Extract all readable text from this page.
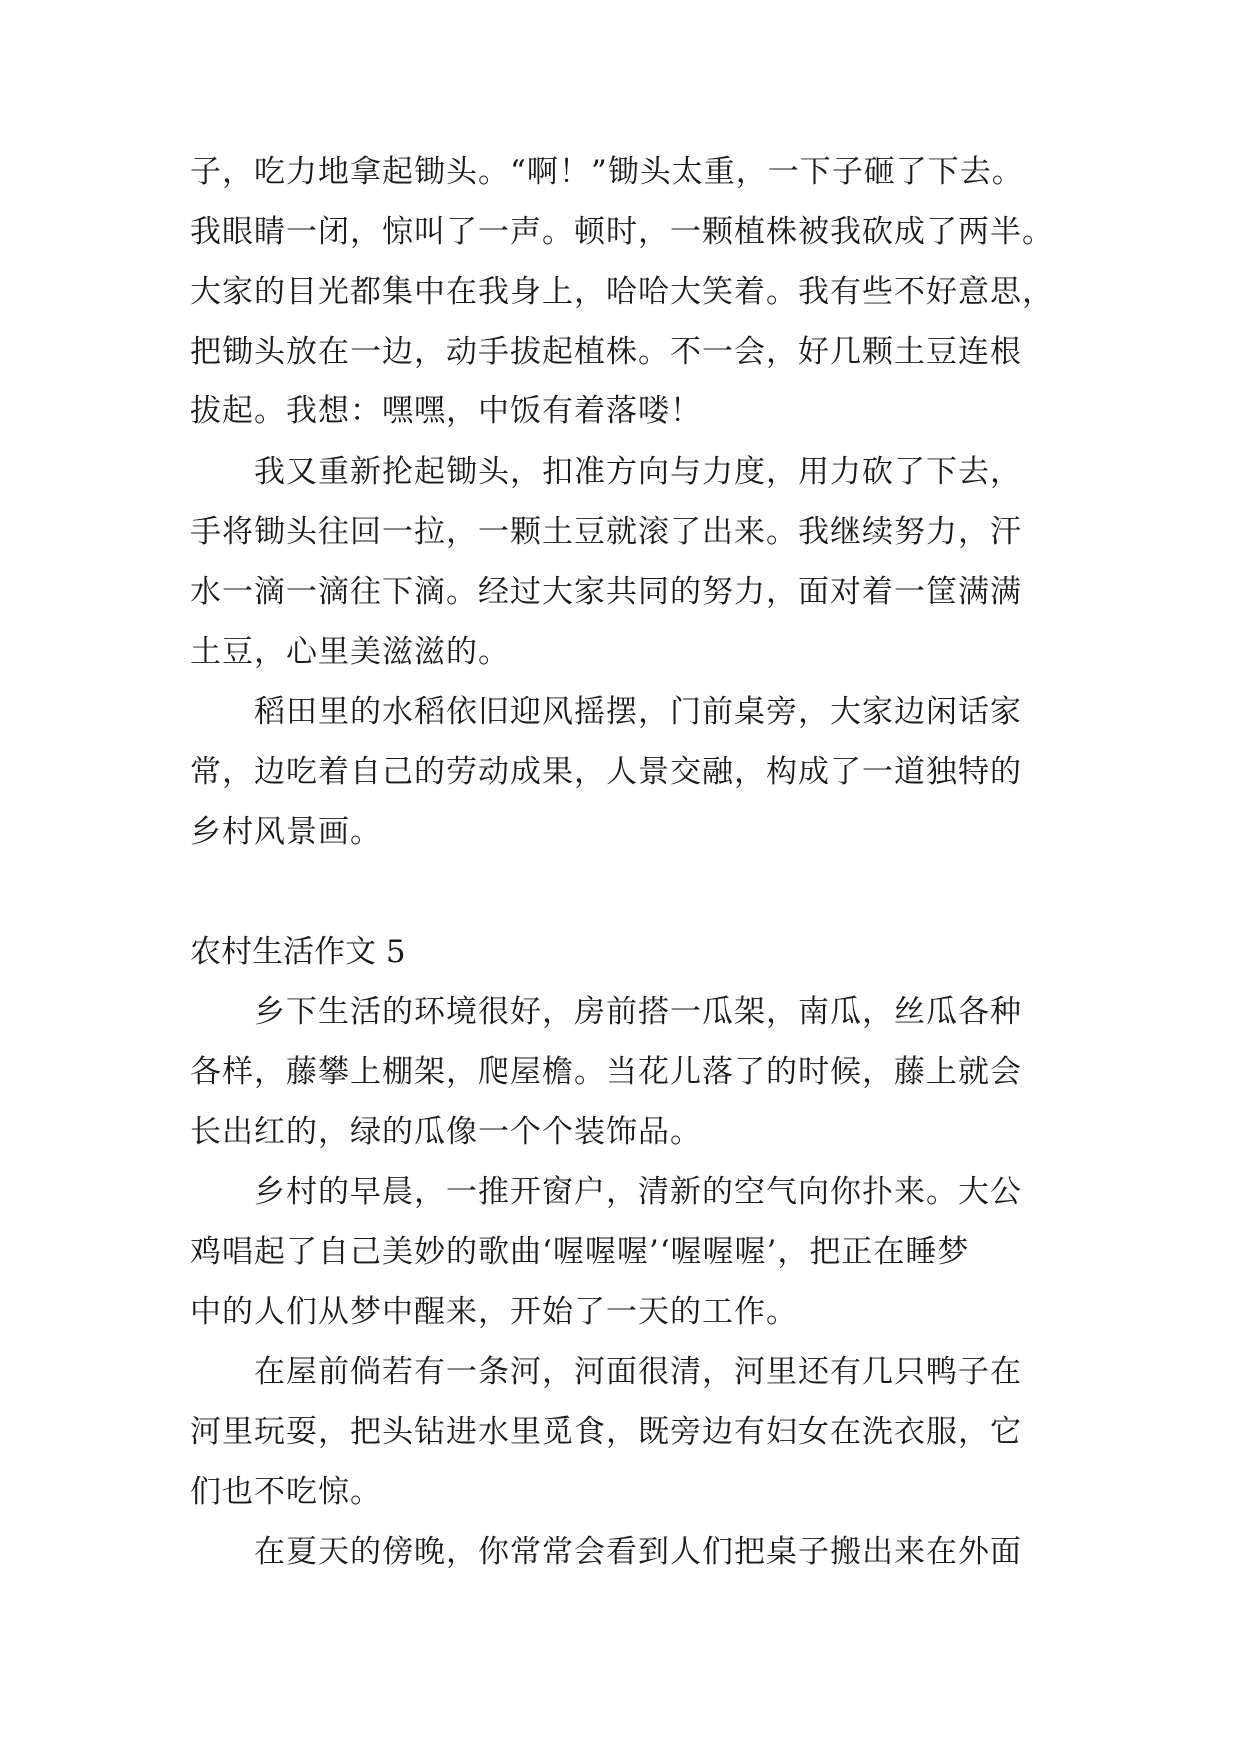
子，吃力地拿起锄头。“啊！”锄头太重，一下子砸了下去。
我眼睛一闭，惊叫了一声。顿时，一颗植株被我砍成了两半。
大家的目光都集中在我身上，哈哈大笑着。我有些不好意思，
把锄头放在一边，动手拔起植株。不一会，好几颗土豆连根
拔起。我想：嘿嘿，中饭有着落喽！
我又重新抡起锄头，扣准方向与力度，用力砍了下去，
手将锄头往回一拉，一颗土豆就滚了出来。我继续努力，汗
水一滴一滴往下滴。经过大家共同的努力，面对着一筐满满
土豆，心里美滋滋的。
稻田里的水稻依旧迎风摇摆，门前桌旁，大家边闲话家
常，边吃着自己的劳动成果，人景交融，构成了一道独特的
乡村风景画。
农村生活作文 5
乡下生活的环境很好，房前搭一瓜架，南瓜，丝瓜各种
各样，藤攀上棚架，爬屋檐。当花儿落了的时候，藤上就会
长出红的，绿的瓜像一个个装饰品。
乡村的早晨，一推开窗户，清新的空气向你扑来。大公
鸡唱起了自己美妙的歌曲‘喔喔喔’‘喔喔喔’，把正在睡梦
中的人们从梦中醒来，开始了一天的工作。
在屋前倘若有一条河，河面很清，河里还有几只鸭子在
河里玩耍，把头钻进水里觅食，既旁边有妇女在洗衣服，它
们也不吃惊。
在夏天的傍晚，你常常会看到人们把桌子搬出来在外面
